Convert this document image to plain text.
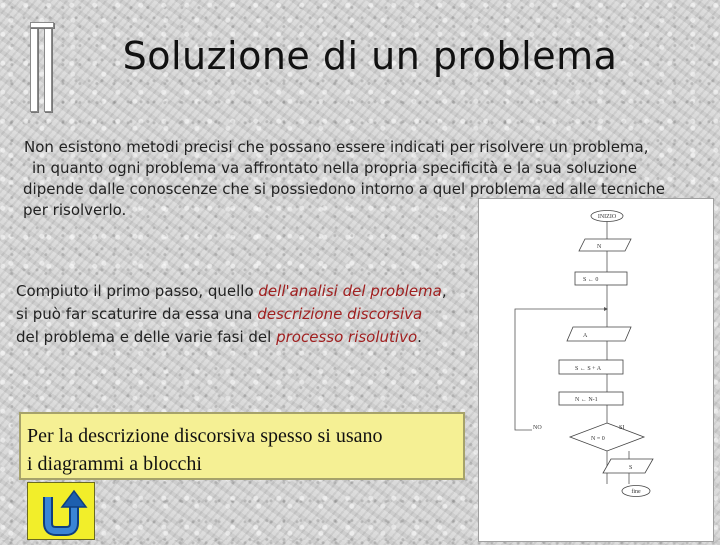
Soluzione di un problema
Non esistono metodi precisi che possano essere indicati per risolvere un problema,
in quanto ogni problema va affrontato nella propria specificità e la sua soluzione
dipende dalle conoscenze che si possiedono intorno a quel problema ed alle tecniche
per risolverlo.
Compiuto il primo passo, quello dell'analisi del problema,
si può far scaturire da essa una descrizione discorsiva
del problema e delle varie fasi del processo risolutivo.
Per la descrizione discorsiva spesso si usano
i diagrammi a blocchi
INIZIO
N
S ← 0
A
S ← S + A
N ← N-1
N = 0
NO	SI
S
fine
